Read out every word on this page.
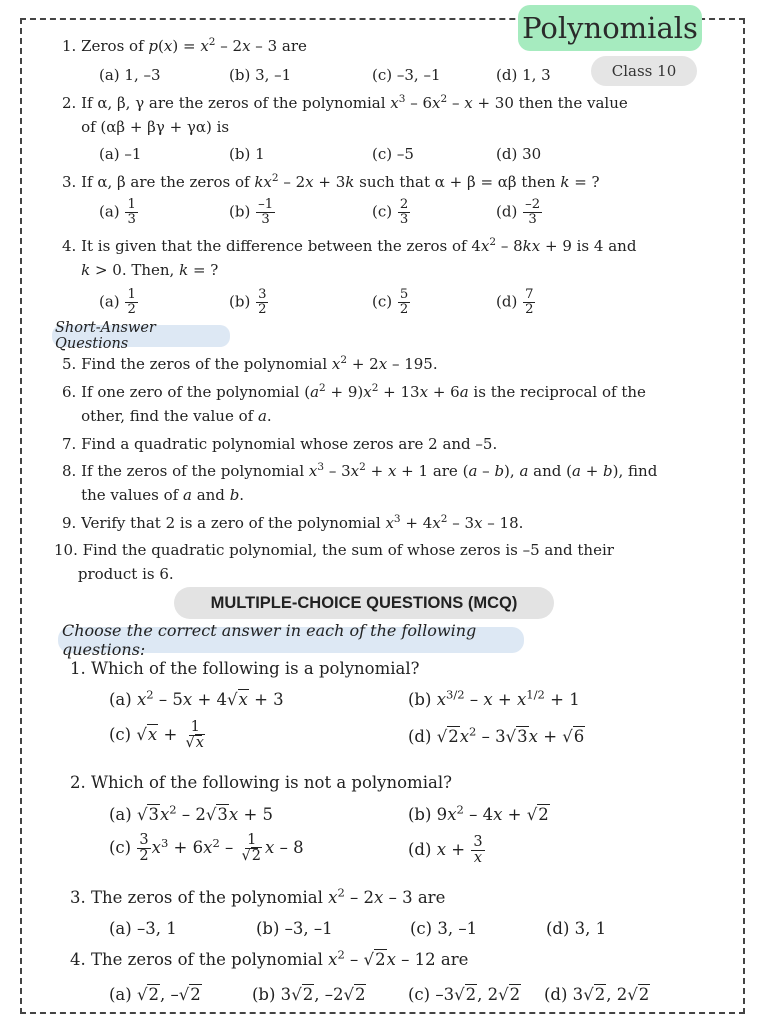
Polynomials
Class 10
1. Zeros of $p(x) = x^2 - 2x - 3$ are
(a) 1, –3	(b) 3, –1	(c) –3, –1	(d) 1, 3
2. If α, β, γ are the zeros of the polynomial $x^3 - 6x^2 - x + 30$ then the value
of (αβ + βγ + γα) is
(a) –1	(b) 1	(c) –5	(d) 30
3. If α, β are the zeros of $kx^2 - 2x + 3k$ such that α + β = αβ then k = ?
$(a) \frac{1}{3}$	$(b) \frac{-1}{3}$	$(c) \frac{2}{3}$	$(d) \frac{-2}{3}$
4. It is given that the difference between the zeros of $4x^2 - 8kx + 9$ is 4 and
k > 0. Then, k = ?
$(a) \frac{1}{2}$	$(b) \frac{3}{2}$	$(c) \frac{5}{2}$	$(d) \frac{7}{2}$
Short-Answer Questions
5. Find the zeros of the polynomial $x^2 + 2x - 195$.
6. If one zero of the polynomial $(a^2 + 9)x^2 + 13x + 6a$ is the reciprocal of the
other, find the value of a.
7. Find a quadratic polynomial whose zeros are 2 and –5.
8. If the zeros of the polynomial $x^3 - 3x^2 + x + 1$ are (a – b), a and (a + b), find
the values of a and b.
9. Verify that 2 is a zero of the polynomial $x^3 + 4x^2 - 3x - 18$.
10. Find the quadratic polynomial, the sum of whose zeros is –5 and their
product is 6.
MULTIPLE-CHOICE QUESTIONS (MCQ)
Choose the correct answer in each of the following questions:
1. Which of the following is a polynomial?
(a) $x^2 - 5x + 4√x + 3$	(b) $x^{3/2} - x + x^{1/2} + 1$
(c) $√x + \frac{1}{√x}$	(d) $√2x^2 - 3√3x + √6$
2. Which of the following is not a polynomial?
(a) $√3x^2 - 2√3x + 5$	(b) $9x^2 - 4x + √2$
$(c) \frac{3}{2} x^3 + 6x^2 - \frac{1}{√2}$ x – 8	(d) $x + \frac{3}{x}$
3. The zeros of the polynomial $x^2 - 2x - 3$ are
(a) –3, 1	(b) –3, –1	(c) 3, –1	(d) 3, 1
4. The zeros of the polynomial $x^2 - √2x - 12$ are
(a) √2, –√2	(b) 3√2, –2√2	(c) –3√2, 2√2 (d) 3√2, 2√2
